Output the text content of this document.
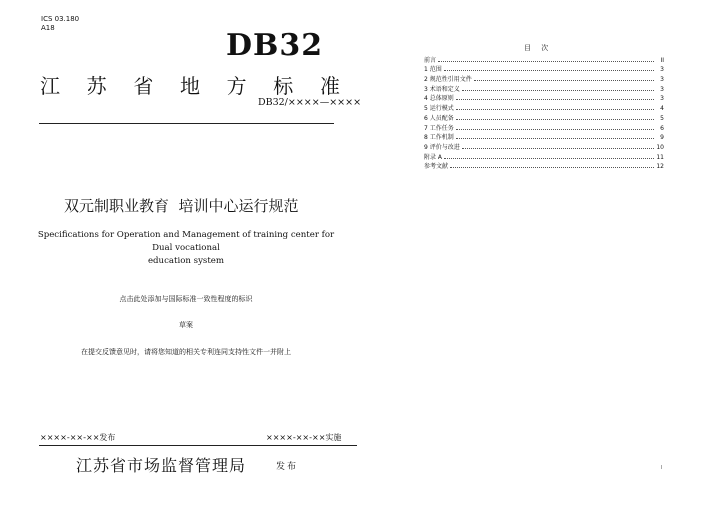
ICS 03.180
A18	DB32
江 苏 省 地 方 标 准
DB32/××××—××××
双元制职业教育  培训中心运行规范
Specifications for Operation and Management of training center for Dual vocational
education system
点击此处添加与国际标准一致性程度的标识
草案
在提交反馈意见时，请将您知道的相关专利连同支持性文件一并附上
××××-××-××发布	××××-××-××实施
江苏省市场监督管理局	发布
目 次
前言	II
1 范围	3
2 规范性引用文件	3
3 术语和定义	3
4 总体原则	3
5 运行模式	4
6 人员配备	5
7 工作任务	6
8 工作机制	9
9 评价与改进	10
附录 A	11
参考文献	12
I
